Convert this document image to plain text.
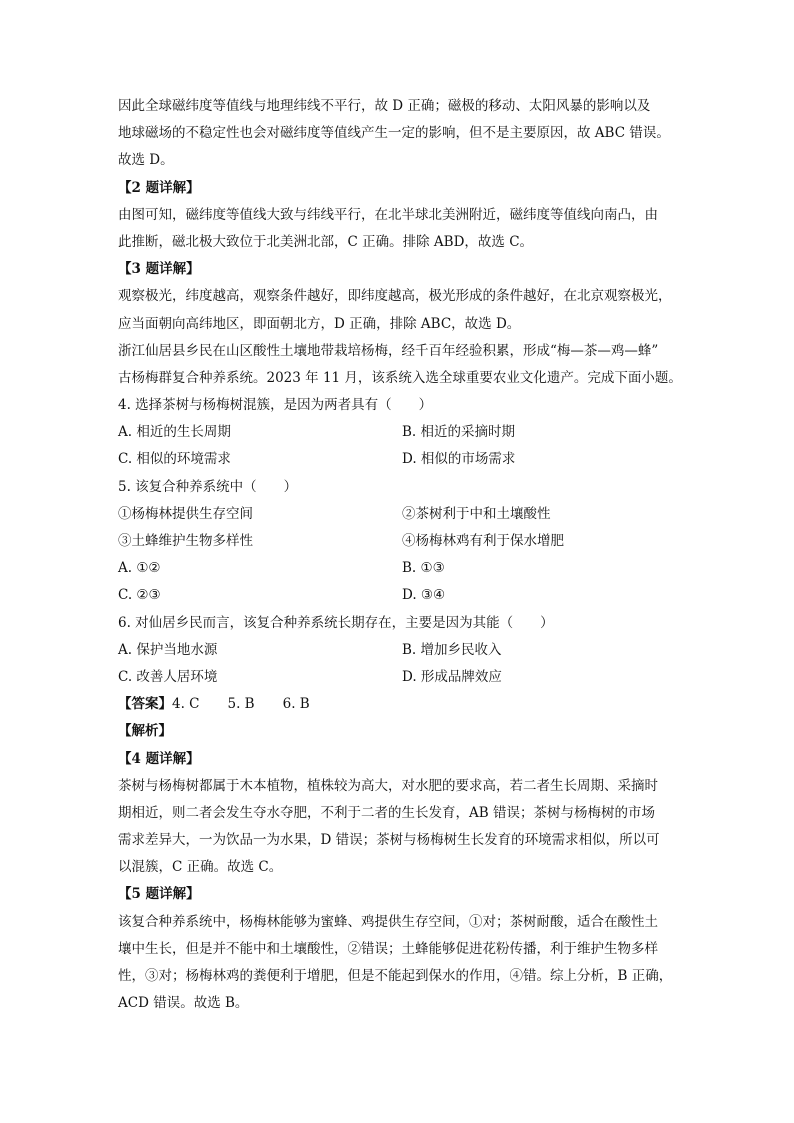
因此全球磁纬度等值线与地理纬线不平行，故 D 正确；磁极的移动、太阳风暴的影响以及
地球磁场的不稳定性也会对磁纬度等值线产生一定的影响，但不是主要原因，故 ABC 错误。
故选 D。
【2 题详解】
由图可知，磁纬度等值线大致与纬线平行，在北半球北美洲附近，磁纬度等值线向南凸，由
此推断，磁北极大致位于北美洲北部，C 正确。排除 ABD，故选 C。
【3 题详解】
观察极光，纬度越高，观察条件越好，即纬度越高，极光形成的条件越好，在北京观察极光，
应当面朝向高纬地区，即面朝北方，D 正确，排除 ABC，故选 D。
浙江仙居县乡民在山区酸性土壤地带栽培杨梅，经千百年经验积累，形成“梅—茶—鸡—蜂”
古杨梅群复合种养系统。2023 年 11 月，该系统入选全球重要农业文化遗产。完成下面小题。
4. 选择茶树与杨梅树混簇，是因为两者具有（　　）
A. 相近的生长周期	B. 相近的采摘时期
C. 相似的环境需求	D. 相似的市场需求
5. 该复合种养系统中（　　）
①杨梅林提供生存空间	②茶树利于中和土壤酸性
③土蜂维护生物多样性	④杨梅林鸡有利于保水增肥
A. ①②	B. ①③
C. ②③	D. ③④
6. 对仙居乡民而言，该复合种养系统长期存在，主要是因为其能（　　）
A. 保护当地水源	B. 增加乡民收入
C. 改善人居环境	D. 形成品牌效应
【答案】4. C 5. B 6. B
【解析】
【4 题详解】
茶树与杨梅树都属于木本植物，植株较为高大，对水肥的要求高，若二者生长周期、采摘时
期相近，则二者会发生夺水夺肥，不利于二者的生长发育，AB 错误；茶树与杨梅树的市场
需求差异大，一为饮品一为水果，D 错误；茶树与杨梅树生长发育的环境需求相似，所以可
以混簇，C 正确。故选 C。
【5 题详解】
该复合种养系统中，杨梅林能够为蜜蜂、鸡提供生存空间，①对；茶树耐酸，适合在酸性土
壤中生长，但是并不能中和土壤酸性，②错误；土蜂能够促进花粉传播，利于维护生物多样
性，③对；杨梅林鸡的粪便利于增肥，但是不能起到保水的作用，④错。综上分析，B 正确，
ACD 错误。故选 B。
